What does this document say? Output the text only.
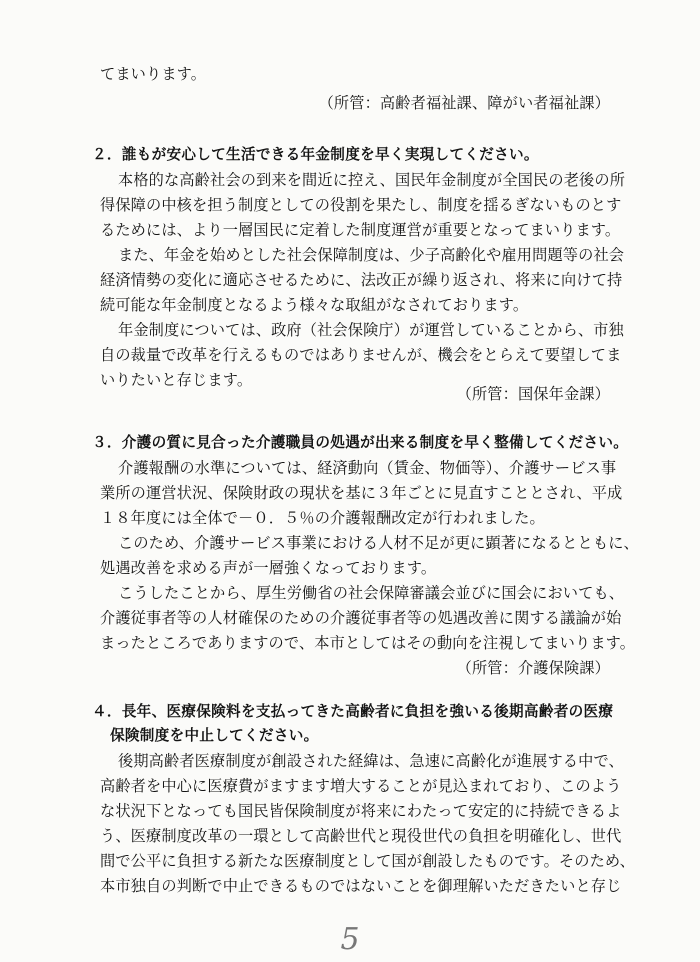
てまいります。
（所管：高齢者福祉課、障がい者福祉課）
２．誰もが安心して生活できる年金制度を早く実現してください。
本格的な高齢社会の到来を間近に控え、国民年金制度が全国民の老後の所
得保障の中核を担う制度としての役割を果たし、制度を揺るぎないものとす
るためには、より一層国民に定着した制度運営が重要となってまいります。
また、年金を始めとした社会保障制度は、少子高齢化や雇用問題等の社会
経済情勢の変化に適応させるために、法改正が繰り返され、将来に向けて持
続可能な年金制度となるよう様々な取組がなされております。
年金制度については、政府（社会保険庁）が運営していることから、市独
自の裁量で改革を行えるものではありませんが、機会をとらえて要望してま
いりたいと存じます。
（所管：国保年金課）
３．介護の質に見合った介護職員の処遇が出来る制度を早く整備してください。
介護報酬の水準については、経済動向（賃金、物価等）、介護サービス事
業所の運営状況、保険財政の現状を基に３年ごとに見直すこととされ、平成
１８年度には全体で－０．５％の介護報酬改定が行われました。
このため、介護サービス事業における人材不足が更に顕著になるとともに、
処遇改善を求める声が一層強くなっております。
こうしたことから、厚生労働省の社会保障審議会並びに国会においても、
介護従事者等の人材確保のための介護従事者等の処遇改善に関する議論が始
まったところでありますので、本市としてはその動向を注視してまいります。
（所管：介護保険課）
４．長年、医療保険料を支払ってきた高齢者に負担を強いる後期高齢者の医療
保険制度を中止してください。
後期高齢者医療制度が創設された経緯は、急速に高齢化が進展する中で、
高齢者を中心に医療費がますます増大することが見込まれており、このよう
な状況下となっても国民皆保険制度が将来にわたって安定的に持続できるよ
う、医療制度改革の一環として高齢世代と現役世代の負担を明確化し、世代
間で公平に負担する新たな医療制度として国が創設したものです。そのため、
本市独自の判断で中止できるものではないことを御理解いただきたいと存じ
5
